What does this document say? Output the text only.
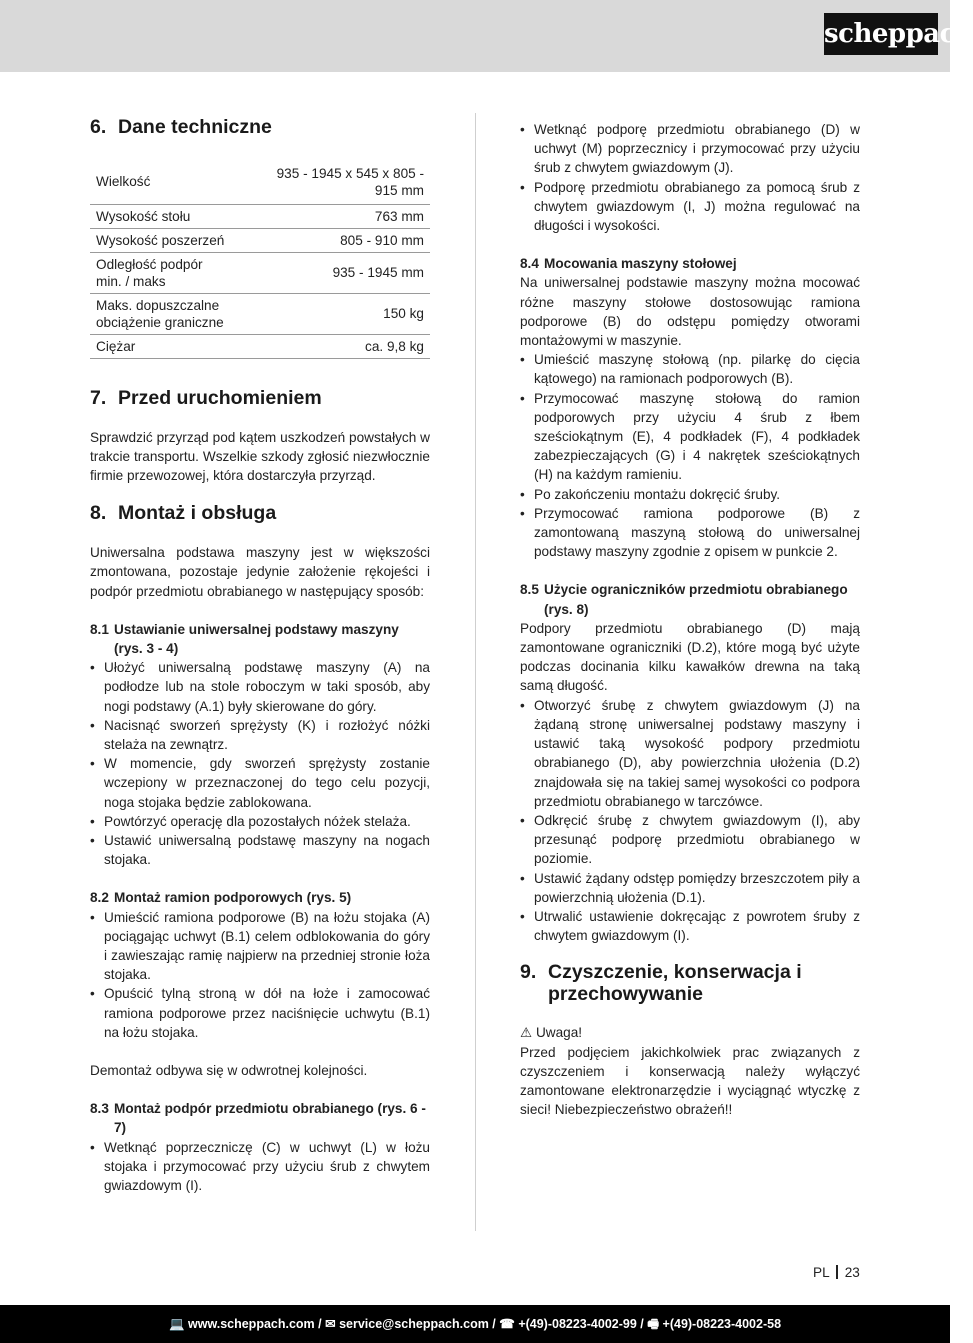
scheppach
6. Dane techniczne
Wielkość	935 - 1945 x 545 x 805 - 915 mm
Wysokość stołu	763 mm
Wysokość poszerzeń	805 - 910 mm
Odległość podpór min. / maks	935 - 1945 mm
Maks. dopuszczalne obciążenie graniczne	150 kg
Ciężar	ca. 9,8 kg
7. Przed uruchomieniem

Sprawdzić przyrząd pod kątem uszkodzeń powstałych w trakcie transportu. Wszelkie szkody zgłosić niezwłocznie firmie przewozowej, która dostarczyła przyrząd.

8. Montaż i obsługa

Uniwersalna podstawa maszyny jest w większości zmontowana, pozostaje jedynie założenie rękojeści i podpór przedmiotu obrabianego w następujący sposób:

8.1 Ustawianie uniwersalnej podstawy maszyny (rys. 3 - 4)
• Ułożyć uniwersalną podstawę maszyny (A) na podłodze lub na stole roboczym w taki sposób, aby nogi podstawy (A.1) były skierowane do góry.
• Nacisnąć sworzeń sprężysty (K) i rozłożyć nóżki stelaża na zewnątrz.
• W momencie, gdy sworzeń sprężysty zostanie wczepiony w przeznaczonej do tego celu pozycji, noga stojaka będzie zablokowana.
• Powtórzyć operację dla pozostałych nóżek stelaża.
• Ustawić uniwersalną podstawę maszyny na nogach stojaka.
8.2 Montaż ramion podporowych (rys. 5)
• Umieścić ramiona podporowe (B) na łożu stojaka (A) pociągając uchwyt (B.1) celem odblokowania do góry i zawieszając ramię najpierw na przedniej stronie łoża stojaka.
• Opuścić tylną stroną w dół na łoże i zamocować ramiona podporowe przez naciśnięcie uchwytu (B.1) na łożu stojaka.

Demontaż odbywa się w odwrotnej kolejności.

8.3 Montaż podpór przedmiotu obrabianego (rys. 6 - 7)
• Wetknąć poprzeczniczę (C) w uchwyt (L) w łożu stojaka i przymocować przy użyciu śrub z chwytem gwiazdowym (I).
• Wetknąć podporę przedmiotu obrabianego (D) w uchwyt (M) poprzecznicy i przymocować przy użyciu śrub z chwytem gwiazdowym (J).
• Podporę przedmiotu obrabianego za pomocą śrub z chwytem gwiazdowym (I, J) można regulować na długości i wysokości.
8.4 Mocowania maszyny stołowej

Na uniwersalnej podstawie maszyny można mocować różne maszyny stołowe dostosowując ramiona podporowe (B) do odstępu pomiędzy otworami montażowymi w maszynie.

• Umieścić maszynę stołową (np. pilarkę do cięcia kątowego) na ramionach podporowych (B).
• Przymocować maszynę stołową do ramion podporowych przy użyciu 4 śrub z łbem sześciokątnym (E), 4 podkładek (F), 4 podkładek zabezpieczających (G) i 4 nakrętek sześciokątnych (H) na każdym ramieniu.
• Po zakończeniu montażu dokręcić śruby.
• Przymocować ramiona podporowe (B) z zamontowaną maszyną stołową do uniwersalnej podstawy maszyny zgodnie z opisem w punkcie 2.
8.5 Użycie ograniczników przedmiotu obrabianego (rys. 8)

Podpory przedmiotu obrabianego (D) mają zamontowane ograniczniki (D.2), które mogą być użyte podczas docinania kilku kawałków drewna na taką samą długość.

• Otworzyć śrubę z chwytem gwiazdowym (J) na żądaną stronę uniwersalnej podstawy maszyny i ustawić taką wysokość podpory przedmiotu obrabianego (D), aby powierzchnia ułożenia (D.2) znajdowała się na takiej samej wysokości co podpora przedmiotu obrabianego w tarczówce.
• Odkręcić śrubę z chwytem gwiazdowym (I), aby przesunąć podporę przedmiotu obrabianego w poziomie.
• Ustawić żądany odstęp pomiędzy brzeszczotem piły a powierzchnią ułożenia (D.1).
• Utrwalić ustawienie dokręcając z powrotem śruby z chwytem gwiazdowym (I).
9. Czyszczenie, konserwacja i przechowywanie

⚠ Uwaga!

Przed podjęciem jakichkolwiek prac związanych z czyszczeniem i konserwacją należy wyłączyć zamontowane elektronarzędzie i wyciągnąć wtyczkę z sieci! Niebezpieczeństwo obrażeń!!

PL 23
💻 www.scheppach.com / ✉ service@scheppach.com / ☎ +(49)-08223-4002-99 / 🖷 +(49)-08223-4002-58
